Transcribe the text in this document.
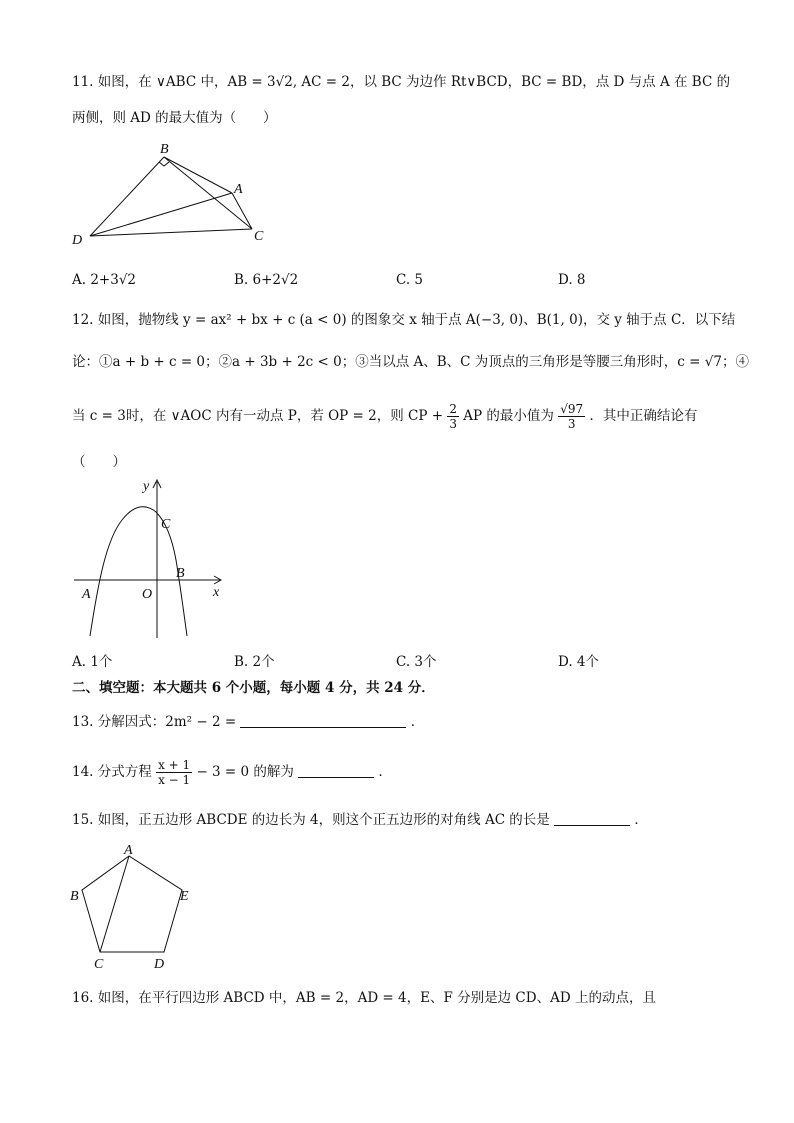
11. 如图，在 ∨ABC 中，AB = 3√2, AC = 2，以 BC 为边作 Rt∨BCD，BC = BD，点 D 与点 A 在 BC 的
两侧，则 AD 的最大值为（　　）
B
A
D	C
A. 2+3√2	B. 6+2√2	C. 5	D. 8
12. 如图，抛物线 y = ax² + bx + c (a < 0) 的图象交 x 轴于点 A(−3, 0)、B(1, 0)，交 y 轴于点 C．以下结
论：①a + b + c = 0；②a + 3b + 2c < 0；③当以点 A、B、C 为顶点的三角形是等腰三角形时，c = √7；④
当 c = 3时，在 ∨AOC 内有一动点 P，若 OP = 2，则 CP + $\frac{2}{3}$ AP 的最小值为 $\frac{√97}{3}$ ．其中正确结论有
（　　）
y
x
C
B
A	O
A. 1个	B. 2个	C. 3个	D. 4个
二、填空题：本大题共 6 个小题，每小题 4 分，共 24 分．
13. 分解因式：2m² − 2 =	．
14. 分式方程 $\frac{x + 1}{x - 1} - 3 = 0$ 的解为	．
15. 如图，正五边形 ABCDE 的边长为 4，则这个正五边形的对角线 AC 的长是	．
A
B
C	D
E
16. 如图，在平行四边形 ABCD 中，AB = 2，AD = 4，E、F 分别是边 CD、AD 上的动点，且
